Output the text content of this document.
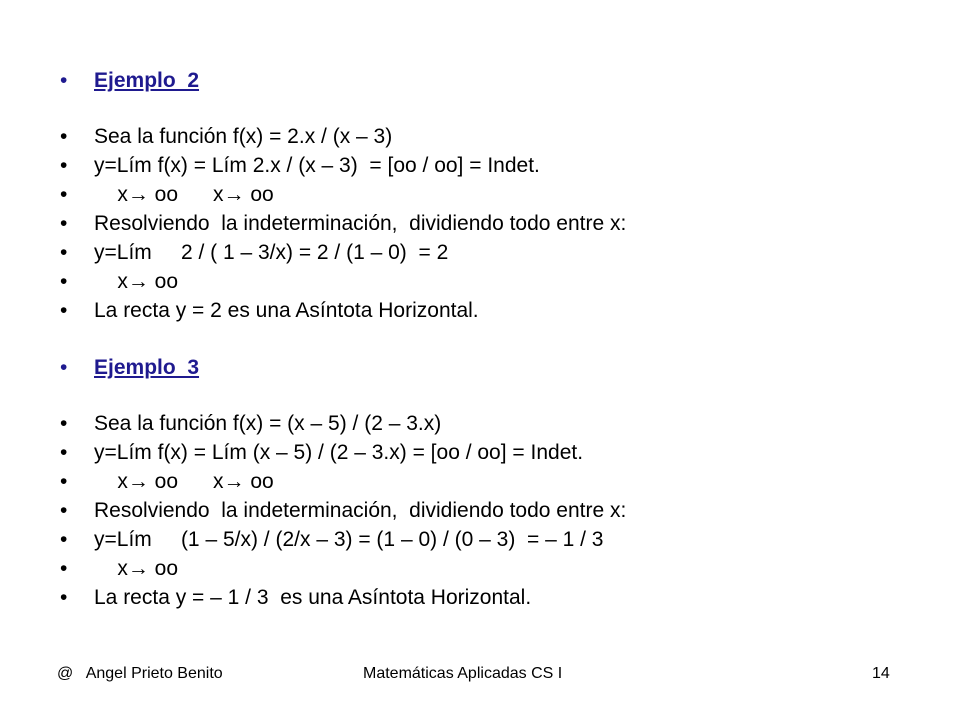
•

	Ejemplo  2

•

	Sea la función f(x) = 2.x / (x – 3)

•

	y=Lím f(x) = Lím 2.x / (x – 3)  = [oo / oo] = Indet.

•

	x→ oo      x→ oo

•

	Resolviendo  la indeterminación,  dividiendo todo entre x:

•

	y=Lím     2 / ( 1 – 3/x) = 2 / (1 – 0)  = 2

•

	x→ oo

•

	La recta y = 2 es una Asíntota Horizontal.

•

	Ejemplo  3

•

	Sea la función f(x) = (x – 5) / (2 – 3.x)

•

	y=Lím f(x) = Lím (x – 5) / (2 – 3.x) = [oo / oo] = Indet.

•

	x→ oo      x→ oo

•

	Resolviendo  la indeterminación,  dividiendo todo entre x:

•

	y=Lím     (1 – 5/x) / (2/x – 3) = (1 – 0) / (0 – 3)  = – 1 / 3

•

	x→ oo

•

	La recta y = – 1 / 3  es una Asíntota Horizontal.

@   Angel Prieto Benito	Matemáticas Aplicadas CS I	14
